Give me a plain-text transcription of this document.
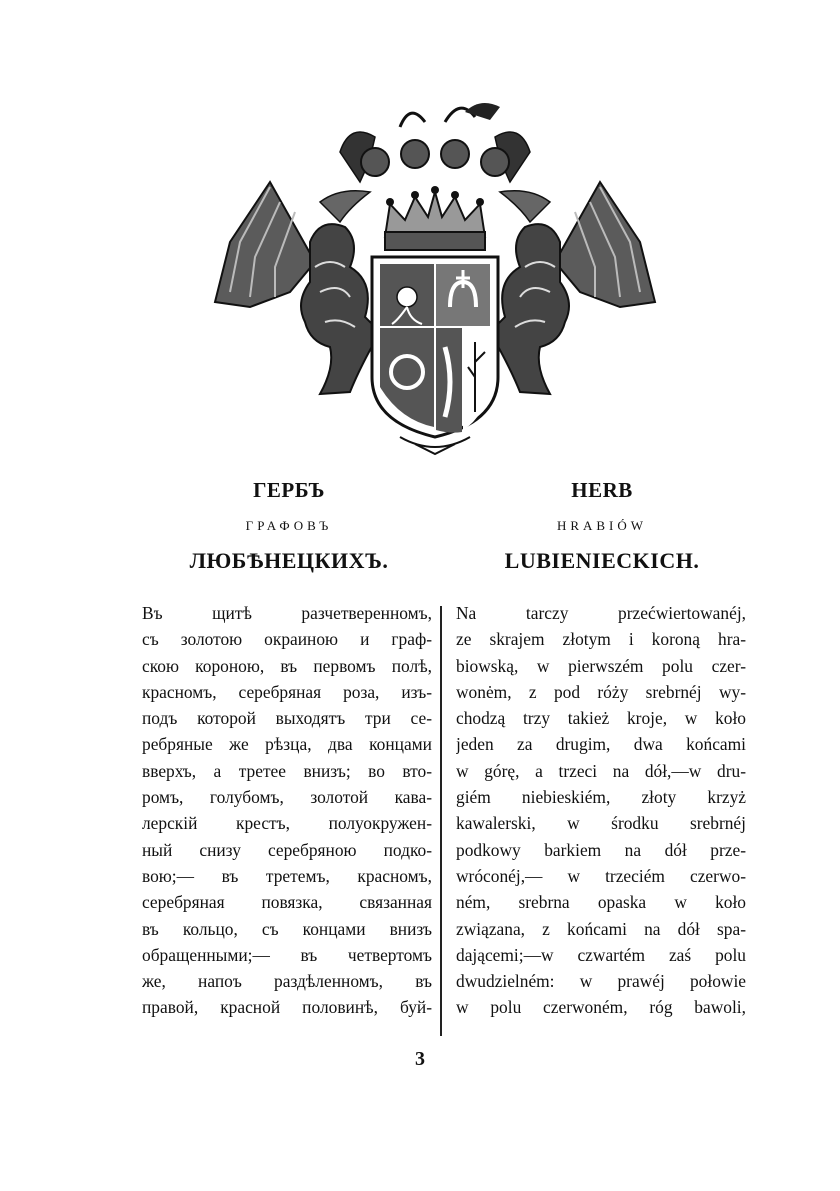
ГЕРБЪ
ГРАФОВЪ
ЛЮБѢНЕЦКИХЪ.
HERB
HRABIÓW
LUBIENIECKICH.
Въ щитѣ разчетверенномъ,
съ золотою окраиною и граф-
скою короною, въ первомъ полѣ,
красномъ, серебряная роза, изъ-
подъ которой выходятъ три се-
ребряные же рѣзца, два концами
вверхъ, а третее внизъ; во вто-
ромъ, голубомъ, золотой кава-
лерскій крестъ, полуокружен-
ный снизу серебряною подко-
вою;— въ третемъ, красномъ,
серебряная повязка, связанная
въ кольцо, съ концами внизъ
обращенными;— въ четвертомъ
же, напоъ раздѣленномъ, въ
правой, красной половинѣ, буй-
Na tarczy przećwiertowanéj,
ze skrajem złotym i koroną hra-
biowską, w pierwszém polu czer-
wonėm, z pod róży srebrnéj wy-
chodzą trzy takież kroje, w koło
jeden za drugim, dwa końcami
w górę, a trzeci na dół,—w dru-
giém niebieskiém, złoty krzyż
kawalerski, w środku srebrnéj
podkowy barkiem na dół prze-
wróconéj,— w trzeciém czerwo-
ném, srebrna opaska w koło
związana, z końcami na dół spa-
dającemi;—w czwartém zaś polu
dwudzielném: w prawéj połowie
w polu czerwoném, róg bawoli,
3
